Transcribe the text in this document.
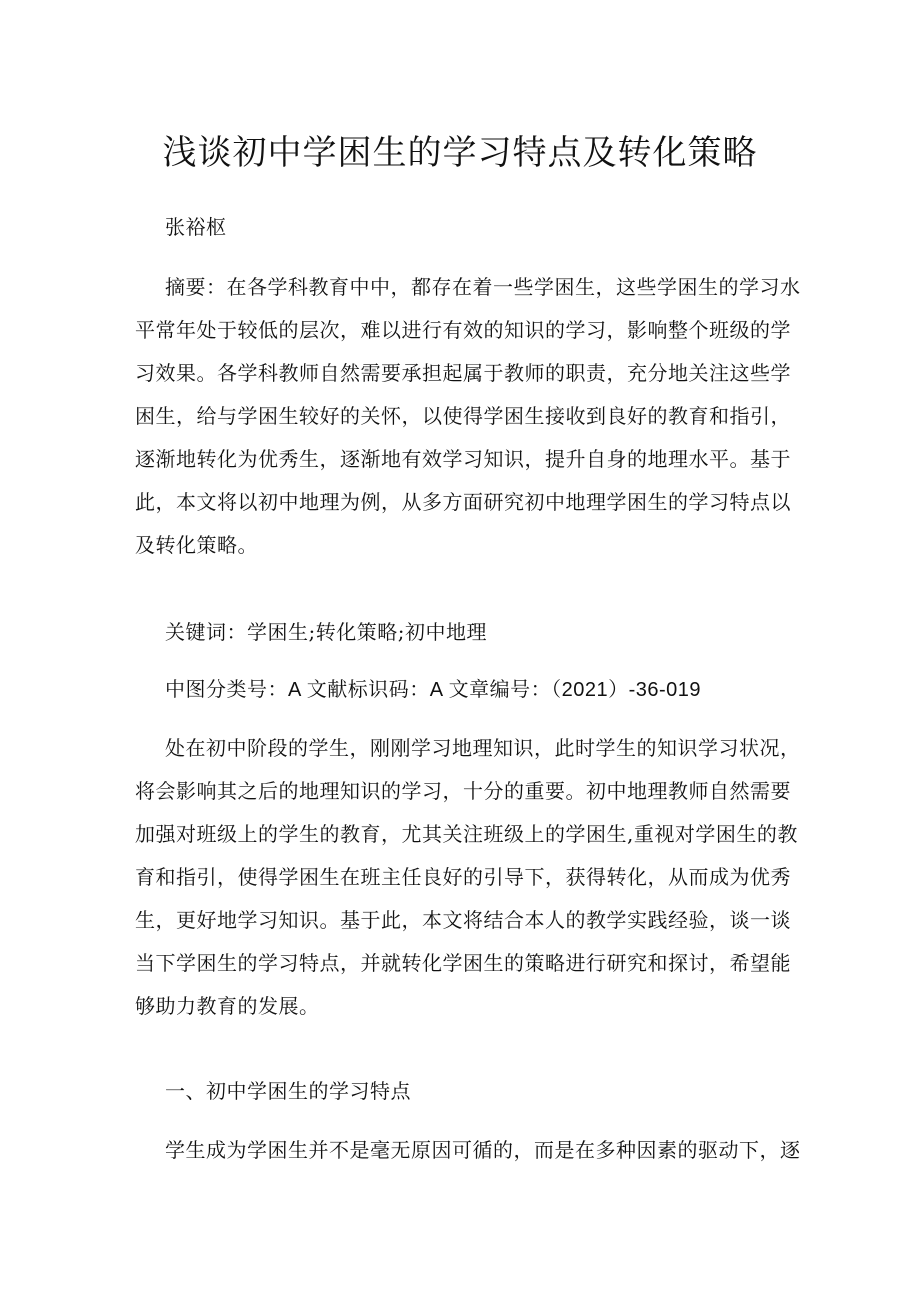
浅谈初中学困生的学习特点及转化策略

张裕枢

摘要：在各学科教育中中，都存在着一些学困生，这些学困生的学习水

平常年处于较低的层次，难以进行有效的知识的学习，影响整个班级的学

习效果。各学科教师自然需要承担起属于教师的职责，充分地关注这些学

困生，给与学困生较好的关怀，以使得学困生接收到良好的教育和指引，

逐渐地转化为优秀生，逐渐地有效学习知识，提升自身的地理水平。基于

此，本文将以初中地理为例，从多方面研究初中地理学困生的学习特点以

及转化策略。

关键词：学困生;转化策略;初中地理

中图分类号：A 文献标识码：A 文章编号：（2021）-36-019

处在初中阶段的学生，刚刚学习地理知识，此时学生的知识学习状况，

将会影响其之后的地理知识的学习，十分的重要。初中地理教师自然需要

加强对班级上的学生的教育，尤其关注班级上的学困生,重视对学困生的教

育和指引，使得学困生在班主任良好的引导下，获得转化，从而成为优秀

生，更好地学习知识。基于此，本文将结合本人的教学实践经验，谈一谈

当下学困生的学习特点，并就转化学困生的策略进行研究和探讨，希望能

够助力教育的发展。

一、初中学困生的学习特点

学生成为学困生并不是毫无原因可循的，而是在多种因素的驱动下，逐
